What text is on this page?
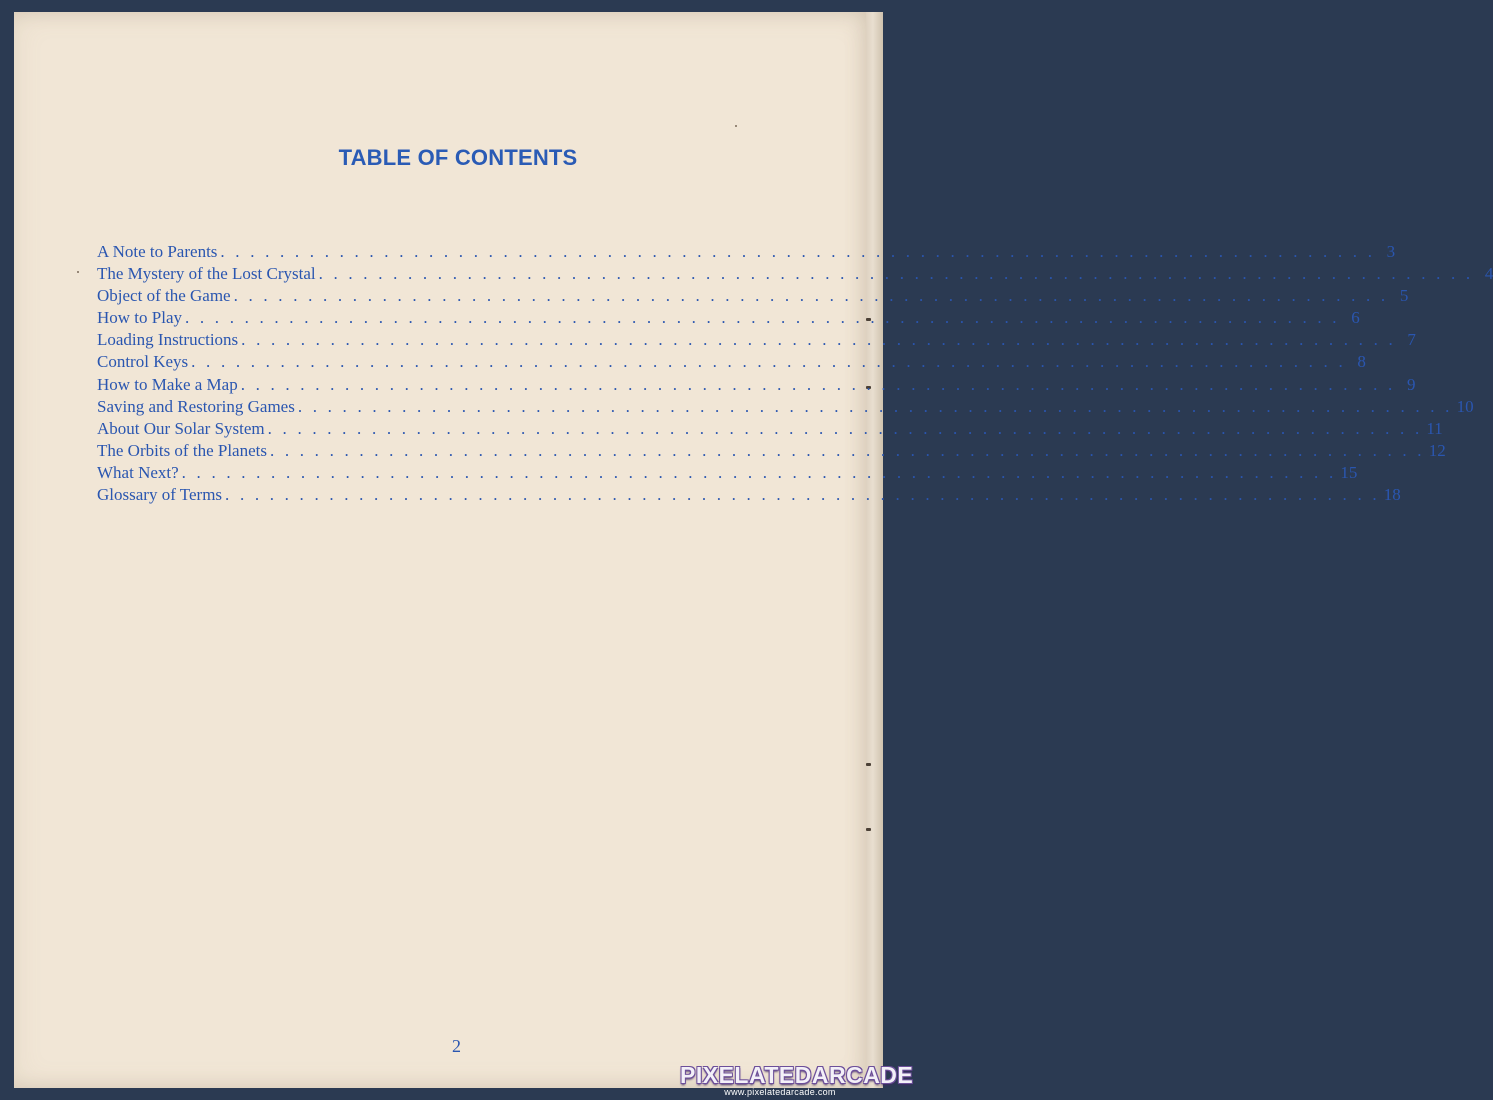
TABLE OF CONTENTS
A Note to Parents . . . . . . . . . . . . . . . . . . . . . . . . . . . . . . . . . . . . . . . . . . . . . . . . . . . . . . . . . . . . . . . . . . . . . . . . . . . . . . 3
The Mystery of the Lost Crystal . . . . . . . . . . . . . . . . . . . . . . . . . . . . . . . . . . . . . . . . . . . . . . . . . . . . . . . . . . . . . . . . . . . . . . . . . . . . . . 4
Object of the Game . . . . . . . . . . . . . . . . . . . . . . . . . . . . . . . . . . . . . . . . . . . . . . . . . . . . . . . . . . . . . . . . . . . . . . . . . . . . . . 5
How to Play . . . . . . . . . . . . . . . . . . . . . . . . . . . . . . . . . . . . . . . . . . . . . . . . . . . . . . . . . . . . . . . . . . . . . . . . . . . . . . 6
Loading Instructions . . . . . . . . . . . . . . . . . . . . . . . . . . . . . . . . . . . . . . . . . . . . . . . . . . . . . . . . . . . . . . . . . . . . . . . . . . . . . . 7
Control Keys . . . . . . . . . . . . . . . . . . . . . . . . . . . . . . . . . . . . . . . . . . . . . . . . . . . . . . . . . . . . . . . . . . . . . . . . . . . . . . 8
How to Make a Map . . . . . . . . . . . . . . . . . . . . . . . . . . . . . . . . . . . . . . . . . . . . . . . . . . . . . . . . . . . . . . . . . . . . . . . . . . . . . . 9
Saving and Restoring Games . . . . . . . . . . . . . . . . . . . . . . . . . . . . . . . . . . . . . . . . . . . . . . . . . . . . . . . . . . . . . . . . . . . . . . . . . . . . . . 10
About Our Solar System . . . . . . . . . . . . . . . . . . . . . . . . . . . . . . . . . . . . . . . . . . . . . . . . . . . . . . . . . . . . . . . . . . . . . . . . . . . . . . 11
The Orbits of the Planets . . . . . . . . . . . . . . . . . . . . . . . . . . . . . . . . . . . . . . . . . . . . . . . . . . . . . . . . . . . . . . . . . . . . . . . . . . . . . . 12
What Next? . . . . . . . . . . . . . . . . . . . . . . . . . . . . . . . . . . . . . . . . . . . . . . . . . . . . . . . . . . . . . . . . . . . . . . . . . . . . . . 15
Glossary of Terms . . . . . . . . . . . . . . . . . . . . . . . . . . . . . . . . . . . . . . . . . . . . . . . . . . . . . . . . . . . . . . . . . . . . . . . . . . . . . . 18
2
PIXELATEDARCADE
www.pixelatedarcade.com
